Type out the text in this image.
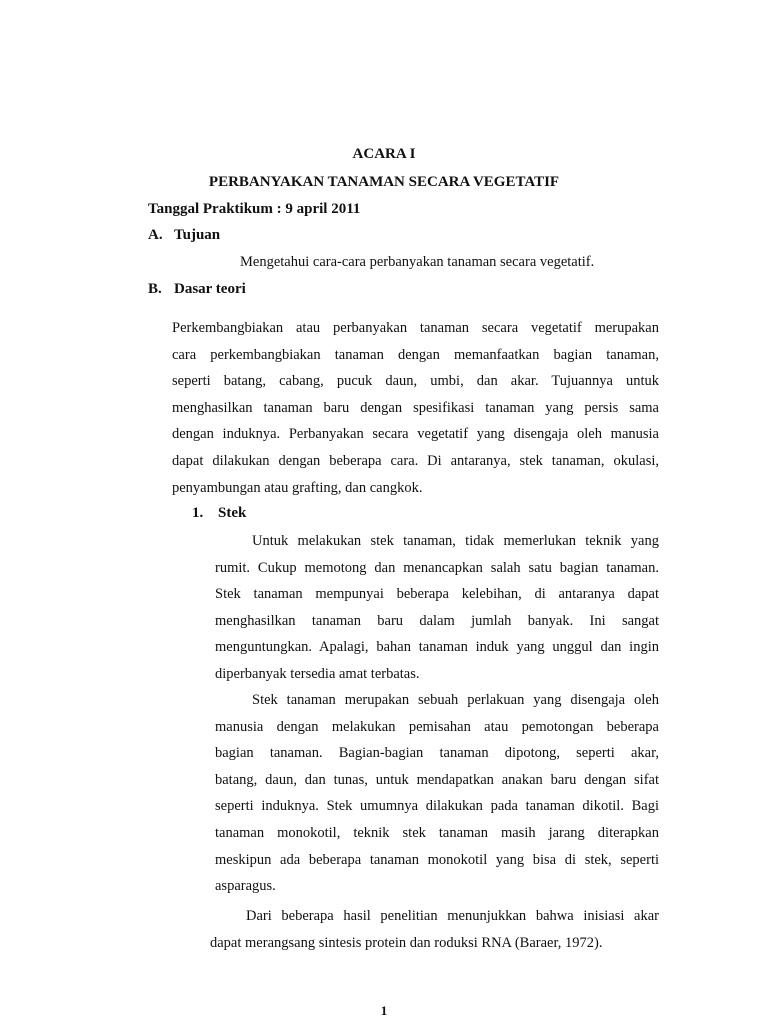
ACARA I
PERBANYAKAN TANAMAN SECARA VEGETATIF
Tanggal Praktikum : 9 april 2011
A. Tujuan
Mengetahui cara-cara perbanyakan tanaman secara vegetatif.
B. Dasar teori
Perkembangbiakan atau perbanyakan tanaman secara vegetatif merupakan
cara perkembangbiakan tanaman dengan memanfaatkan bagian tanaman,
seperti batang, cabang, pucuk daun, umbi, dan akar. Tujuannya untuk
menghasilkan tanaman baru dengan spesifikasi tanaman yang persis sama
dengan induknya. Perbanyakan secara vegetatif yang disengaja oleh manusia
dapat dilakukan dengan beberapa cara. Di antaranya, stek tanaman, okulasi,
penyambungan atau grafting, dan cangkok.
1. Stek
Untuk melakukan stek tanaman, tidak memerlukan teknik yang
rumit. Cukup memotong dan menancapkan salah satu bagian tanaman.
Stek tanaman mempunyai beberapa kelebihan, di antaranya dapat
menghasilkan tanaman baru dalam jumlah banyak. Ini sangat
menguntungkan. Apalagi, bahan tanaman induk yang unggul dan ingin
diperbanyak tersedia amat terbatas.
Stek tanaman merupakan sebuah perlakuan yang disengaja oleh
manusia dengan melakukan pemisahan atau pemotongan beberapa
bagian tanaman. Bagian-bagian tanaman dipotong, seperti akar,
batang, daun, dan tunas, untuk mendapatkan anakan baru dengan sifat
seperti induknya. Stek umumnya dilakukan pada tanaman dikotil. Bagi
tanaman monokotil, teknik stek tanaman masih jarang diterapkan
meskipun ada beberapa tanaman monokotil yang bisa di stek, seperti
asparagus.
Dari beberapa hasil penelitian menunjukkan bahwa inisiasi akar
dapat merangsang sintesis protein dan roduksi RNA (Baraer, 1972).
1
